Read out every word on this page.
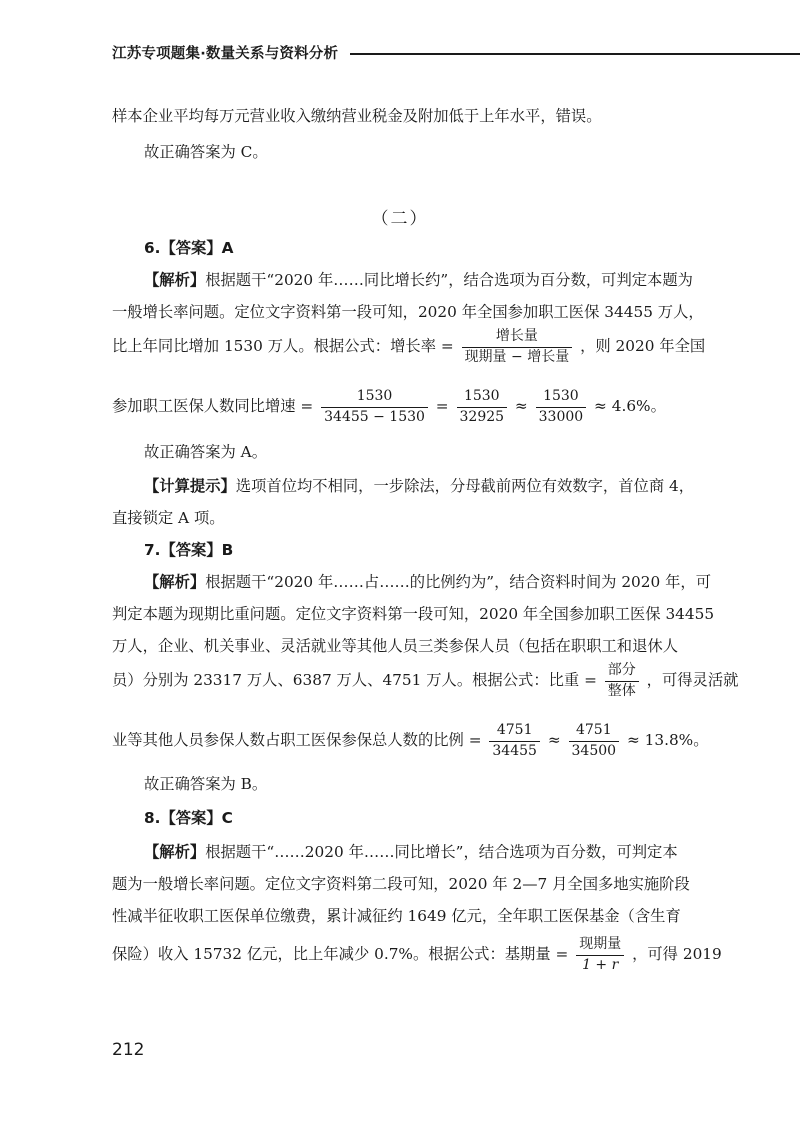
江苏专项题集·数量关系与资料分析
样本企业平均每万元营业收入缴纳营业税金及附加低于上年水平，错误。
故正确答案为 C。
（二）
6.【答案】A
【解析】根据题干“2020 年……同比增长约”，结合选项为百分数，可判定本题为
一般增长率问题。定位文字资料第一段可知，2020 年全国参加职工医保 34455 万人，
比上年同比增加 1530 万人。根据公式：增长率 = $\frac{\text{增长量}}{\text{现期量 − 增长量}}$ ，则 2020 年全国
参加职工医保人数同比增速 = $\frac{1530}{34455 - 1530} = \frac{1530}{32925} \approx \frac{1530}{33000} \approx 4.6\%$。
故正确答案为 A。
【计算提示】选项首位均不相同，一步除法，分母截前两位有效数字，首位商 4，
直接锁定 A 项。
7.【答案】B
【解析】根据题干“2020 年……占……的比例约为”，结合资料时间为 2020 年，可
判定本题为现期比重问题。定位文字资料第一段可知，2020 年全国参加职工医保 34455
万人，企业、机关事业、灵活就业等其他人员三类参保人员（包括在职职工和退休人
员）分别为 23317 万人、6387 万人、4751 万人。根据公式：比重 = $\frac{\text{部分}}{\text{整体}}$ ，可得灵活就
业等其他人员参保人数占职工医保参保总人数的比例 = $\frac{4751}{34455} \approx \frac{4751}{34500} \approx 13.8\%$。
故正确答案为 B。
8.【答案】C
【解析】根据题干“……2020 年……同比增长”，结合选项为百分数，可判定本
题为一般增长率问题。定位文字资料第二段可知，2020 年 2—7 月全国多地实施阶段
性减半征收职工医保单位缴费，累计减征约 1649 亿元，全年职工医保基金（含生育
保险）收入 15732 亿元，比上年减少 0.7%。根据公式：基期量 = $\frac{\text{现期量}}{1 + r}$ ，可得 2019
212
